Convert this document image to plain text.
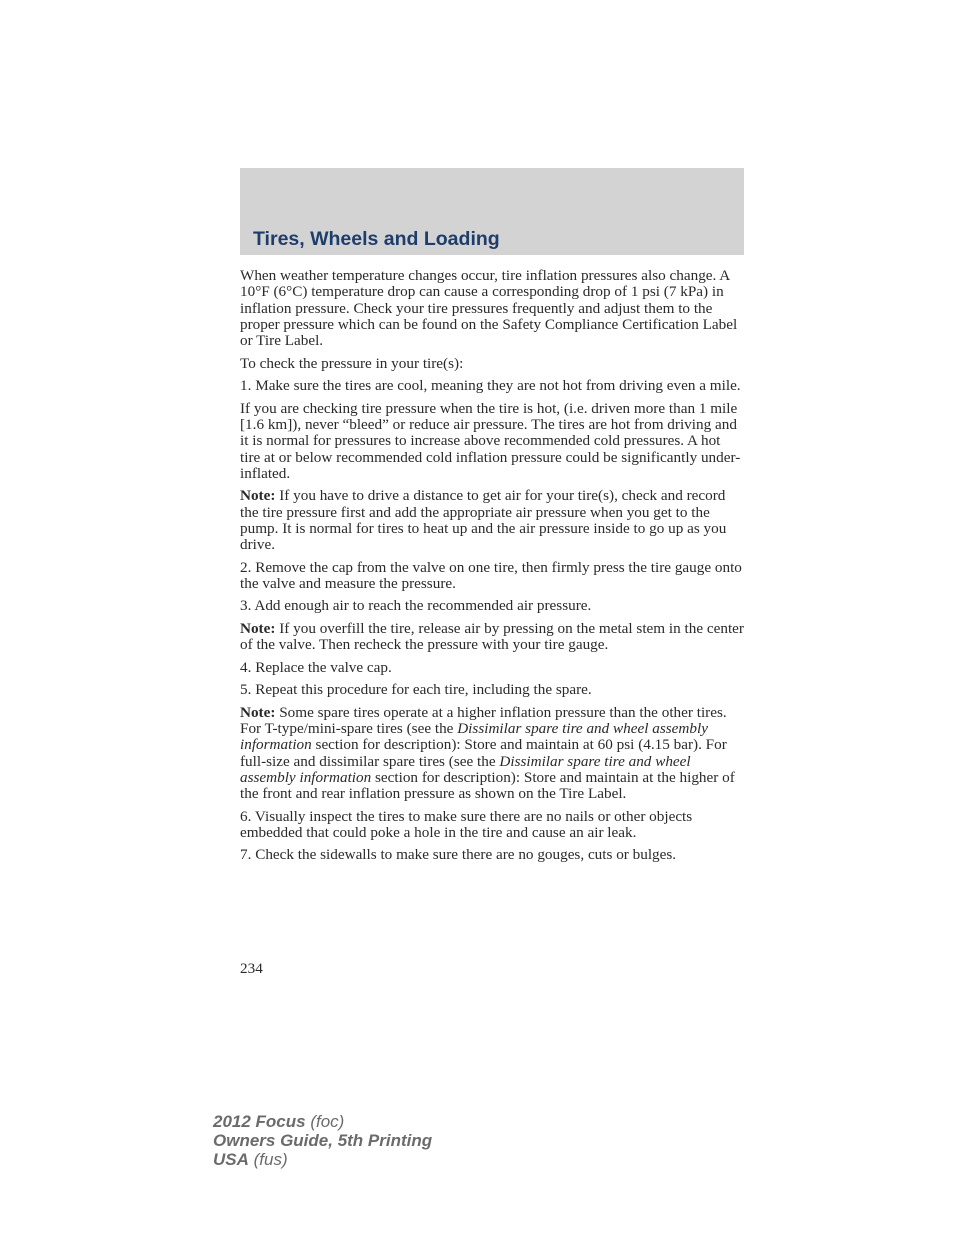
Tires, Wheels and Loading

When weather temperature changes occur, tire inflation pressures also change. A 10°F (6°C) temperature drop can cause a corresponding drop of 1 psi (7 kPa) in inflation pressure. Check your tire pressures frequently and adjust them to the proper pressure which can be found on the Safety Compliance Certification Label or Tire Label.

To check the pressure in your tire(s):

1. Make sure the tires are cool, meaning they are not hot from driving even a mile.

If you are checking tire pressure when the tire is hot, (i.e. driven more than 1 mile [1.6 km]), never “bleed” or reduce air pressure. The tires are hot from driving and it is normal for pressures to increase above recommended cold pressures. A hot tire at or below recommended cold inflation pressure could be significantly under-inflated.

Note: If you have to drive a distance to get air for your tire(s), check and record the tire pressure first and add the appropriate air pressure when you get to the pump. It is normal for tires to heat up and the air pressure inside to go up as you drive.

2. Remove the cap from the valve on one tire, then firmly press the tire gauge onto the valve and measure the pressure.

3. Add enough air to reach the recommended air pressure.

Note: If you overfill the tire, release air by pressing on the metal stem in the center of the valve. Then recheck the pressure with your tire gauge.

4. Replace the valve cap.

5. Repeat this procedure for each tire, including the spare.

Note: Some spare tires operate at a higher inflation pressure than the other tires. For T-type/mini-spare tires (see the Dissimilar spare tire and wheel assembly information section for description): Store and maintain at 60 psi (4.15 bar). For full-size and dissimilar spare tires (see the Dissimilar spare tire and wheel assembly information section for description): Store and maintain at the higher of the front and rear inflation pressure as shown on the Tire Label.

6. Visually inspect the tires to make sure there are no nails or other objects embedded that could poke a hole in the tire and cause an air leak.

7. Check the sidewalls to make sure there are no gouges, cuts or bulges.

234
2012 Focus (foc)
Owners Guide, 5th Printing
USA (fus)
